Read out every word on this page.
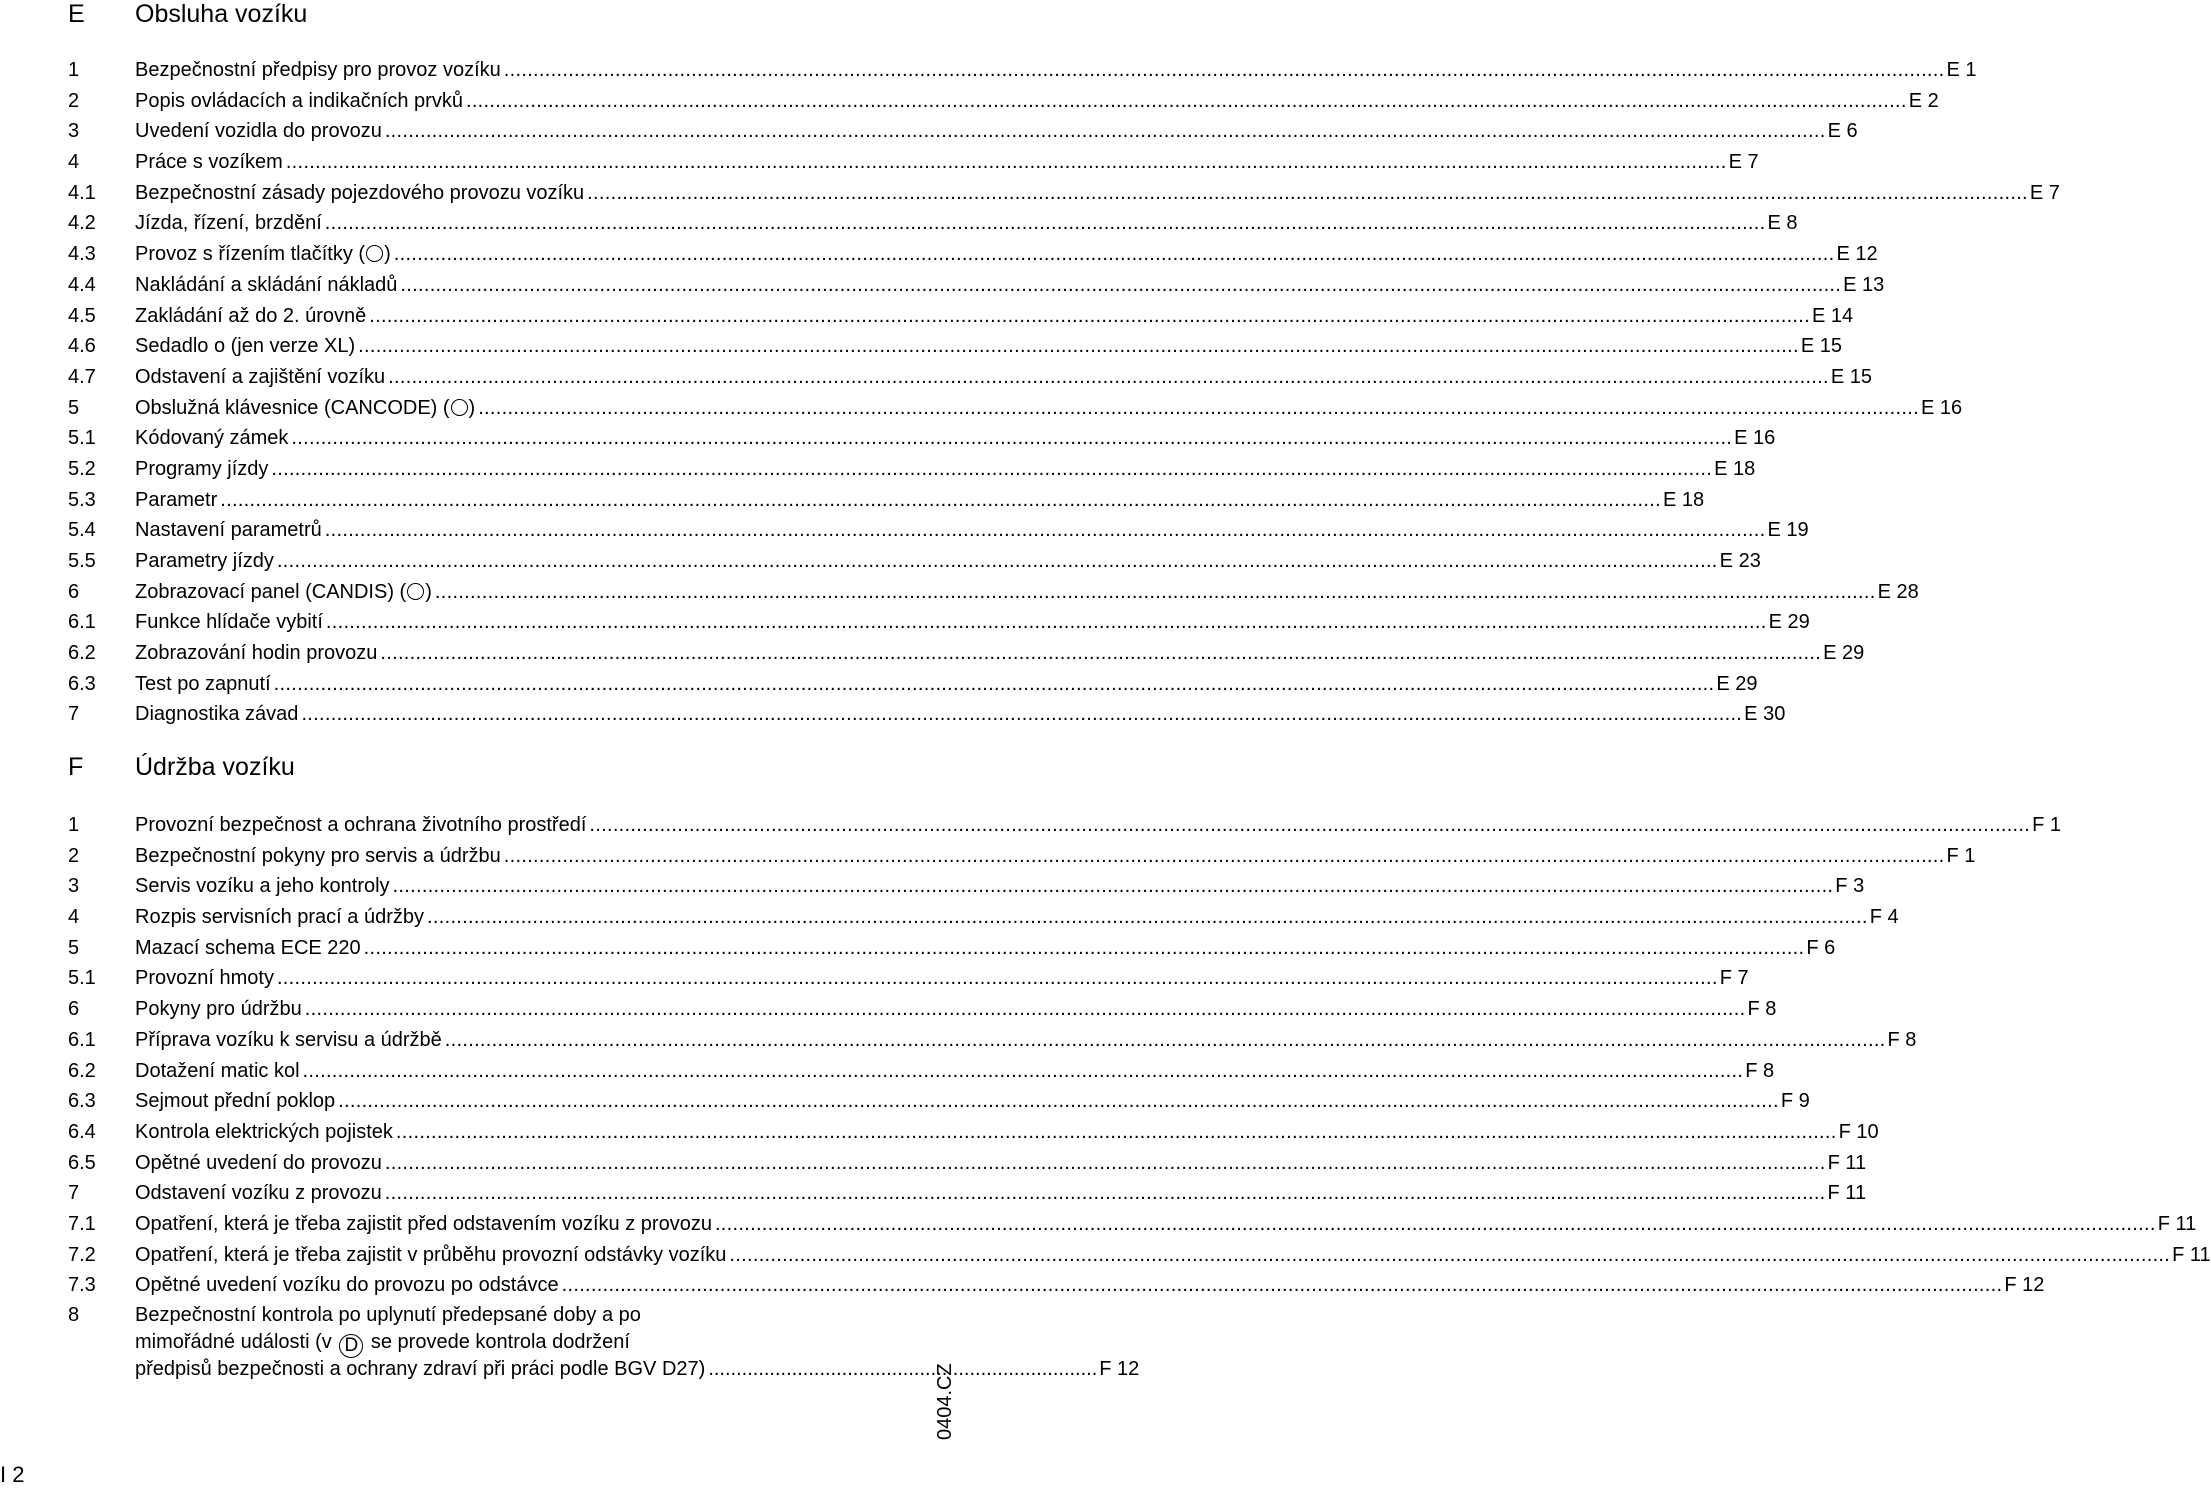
E Obsluha vozíku
1	Bezpečnostní předpisy pro provoz vozíku .....	E 1
2	Popis ovládacích a indikačních prvků .....	E 2
3	Uvedení vozidla do provozu .....	E 6
4	Práce s vozíkem .....	E 7
4.1	Bezpečnostní zásady pojezdového provozu vozíku .....	E 7
4.2	Jízda, řízení, brzdění .....	E 8
4.3	Provoz s řízením tlačítky ( ) .....	E 12
4.4	Nakládání a skládání nákladů .....	E 13
4.5	Zakládání až do 2. úrovně .....	E 14
4.6	Sedadlo o (jen verze XL) .....	E 15
4.7	Odstavení a zajištění vozíku .....	E 15
5	Obslužná klávesnice (CANCODE) ( ) .....	E 16
5.1	Kódovaný zámek .....	E 16
5.2	Programy jízdy .....	E 18
5.3	Parametr .....	E 18
5.4	Nastavení parametrů .....	E 19
5.5	Parametry jízdy .....	E 23
6	Zobrazovací panel (CANDIS) ( ) .....	E 28
6.1	Funkce hlídače vybití .....	E 29
6.2	Zobrazování hodin provozu .....	E 29
6.3	Test po zapnutí .....	E 29
7	Diagnostika závad .....	E 30
F Údržba vozíku
1	Provozní bezpečnost a ochrana životního prostředí .....	F 1
2	Bezpečnostní pokyny pro servis a údržbu .....	F 1
3	Servis vozíku a jeho kontroly .....	F 3
4	Rozpis servisních prací a údržby .....	F 4
5	Mazací schema ECE 220 .....	F 6
5.1	Provozní hmoty .....	F 7
6	Pokyny pro údržbu .....	F 8
6.1	Příprava vozíku k servisu a údržbě .....	F 8
6.2	Dotažení matic kol .....	F 8
6.3	Sejmout přední poklop .....	F 9
6.4	Kontrola elektrických pojistek .....	F 10
6.5	Opětné uvedení do provozu .....	F 11
7	Odstavení vozíku z provozu .....	F 11
7.1	Opatření, která je třeba zajistit před odstavením vozíku z provozu .....	F 11
7.2	Opatření, která je třeba zajistit v průběhu provozní odstávky vozíku .....	F 11
7.3	Opětné uvedení vozíku do provozu po odstávce .....	F 12
8	Bezpečnostní kontrola po uplynutí předepsané doby a po
mimořádné události (v D se provede kontrola dodržení
předpisů bezpečnosti a ochrany zdraví při práci podle BGV D27) ...................................................................... F 12
0404.CZ
I 2
